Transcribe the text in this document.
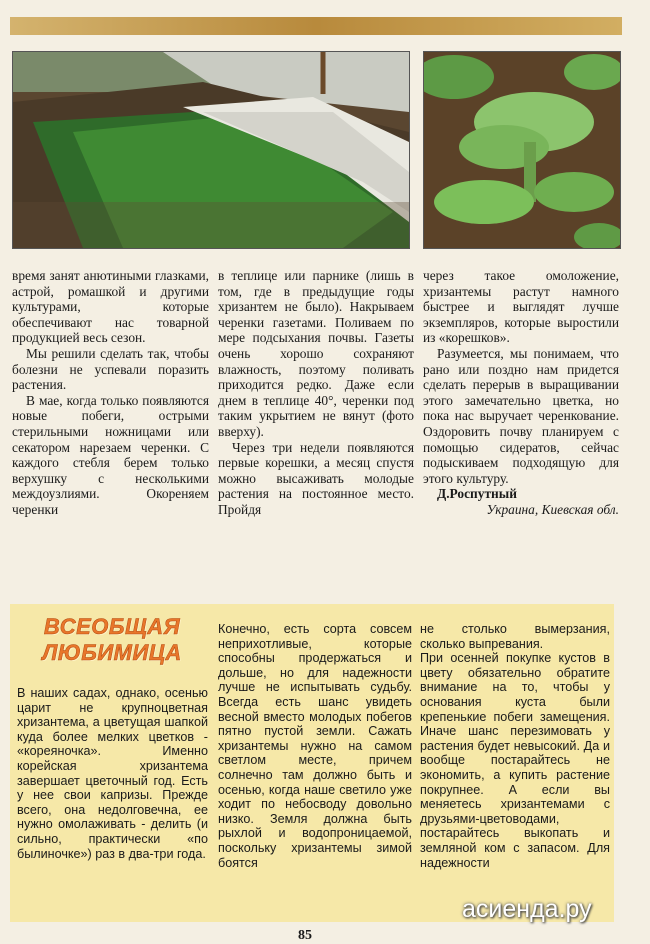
время занят анютиными глазками, астрой, ромашкой и другими культурами, которые обеспечивают нас товарной продукцией весь сезон.

Мы решили сделать так, чтобы болезни не успевали поразить растения.

В мае, когда только появляются новые побеги, острыми стерильными ножницами или секатором нарезаем черенки. С каждого стебля берем только верхушку с несколькими междоузлиями. Окореняем черенки

в теплице или парнике (лишь в том, где в предыдущие годы хризантем не было). Накрываем черенки газетами. Поливаем по мере подсыхания почвы. Газеты очень хорошо сохраняют влажность, поэтому поливать приходится редко. Даже если днем в теплице 40°, черенки под таким укрытием не вянут (фото вверху).

Через три недели появляются первые корешки, а месяц спустя можно высаживать молодые растения на постоянное место. Пройдя

через такое омоложение, хризантемы растут намного быстрее и выглядят лучше экземпляров, которые выростили из «корешков».

Разумеется, мы понимаем, что рано или поздно нам придется сделать перерыв в выращивании этого замечательно цветка, но пока нас выручает черенкование. Оздоровить почву планируем с помощью сидератов, сейчас подыскиваем подходящую для этого культуру.

Д.Роспутный
Украина, Киевская обл.
ВСЕОБЩАЯ
ЛЮБИМИЦА

В наших садах, однако, осенью царит не крупноцветная хризантема, а цветущая шапкой куда более мелких цветков - «кореяночка». Именно корейская хризантема завершает цветочный год. Есть у нее свои капризы. Прежде всего, она недолговечна, ее нужно омолаживать - делить (и сильно, практически «по былиночке») раз в два-три года.

Конечно, есть сорта совсем неприхотливые, которые способны продержаться и дольше, но для надежности лучше не испытывать судьбу. Всегда есть шанс увидеть весной вместо молодых побегов пятно пустой земли. Сажать хризантемы нужно на самом светлом месте, причем солнечно там должно быть и осенью, когда наше светило уже ходит по небосводу довольно низко. Земля должна быть рыхлой и водопроницаемой, поскольку хризантемы зимой боятся

не столько вымерзания, сколько выпревания.

При осенней покупке кустов в цвету обязательно обратите внимание на то, чтобы у основания куста были крепенькие побеги замещения. Иначе шанс перезимовать у растения будет невысокий. Да и вообще постарайтесь не экономить, а купить растение покрупнее. А если вы меняетесь хризантемами с друзьями-цветоводами, постарайтесь выкопать и земляной ком с запасом. Для надежности

85
асиенда.ру
